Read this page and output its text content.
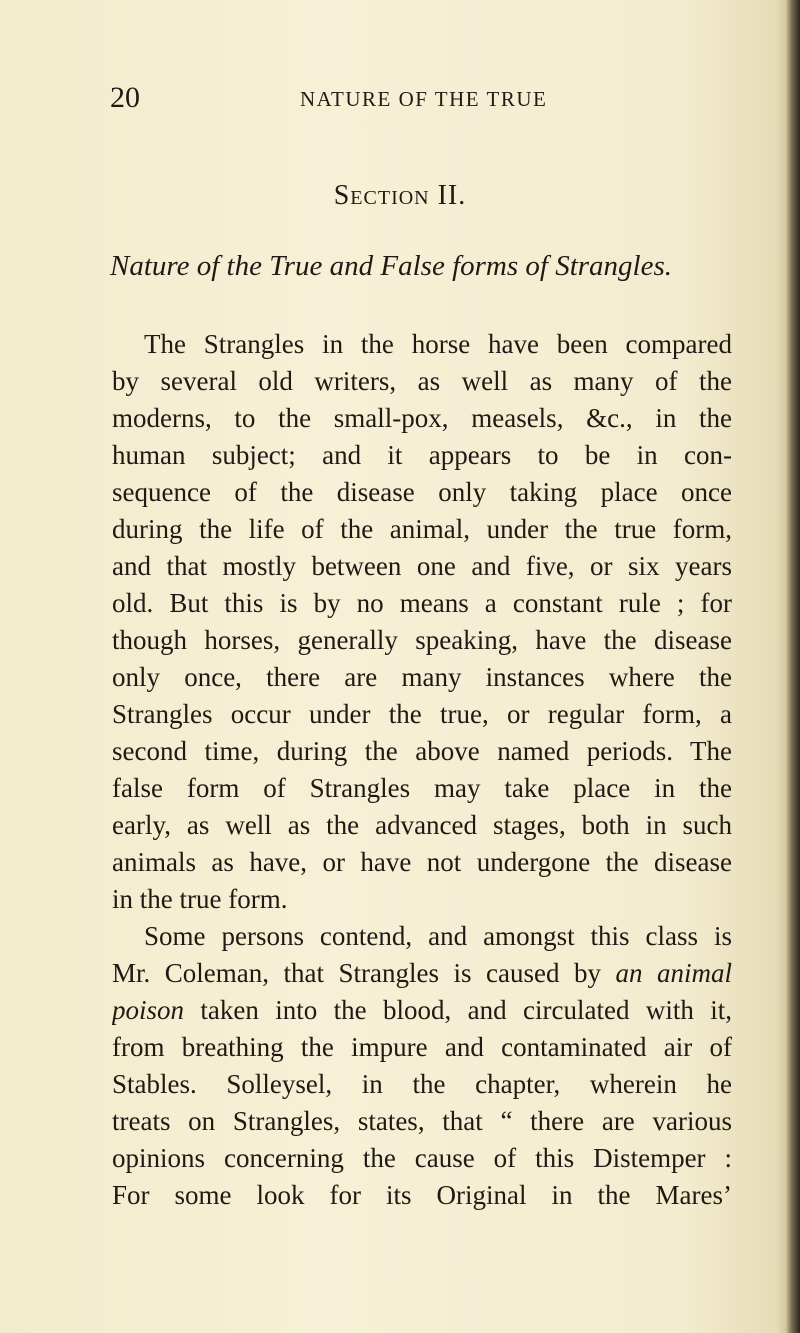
20	NATURE OF THE TRUE
Section II.
Nature of the True and False forms of Strangles.
The Strangles in the horse have been compared
by several old writers, as well as many of the
moderns, to the small-pox, measels, &c., in the
human subject; and it appears to be in con-
sequence of the disease only taking place once
during the life of the animal, under the true form,
and that mostly between one and five, or six years
old. But this is by no means a constant rule ; for
though horses, generally speaking, have the disease
only once, there are many instances where the
Strangles occur under the true, or regular form, a
second time, during the above named periods. The
false form of Strangles may take place in the
early, as well as the advanced stages, both in such
animals as have, or have not undergone the disease
in the true form.
Some persons contend, and amongst this class is
Mr. Coleman, that Strangles is caused by an animal
poison taken into the blood, and circulated with it,
from breathing the impure and contaminated air of
Stables. Solleysel, in the chapter, wherein he
treats on Strangles, states, that “ there are various
opinions concerning the cause of this Distemper :
For some look for its Original in the Mares’
